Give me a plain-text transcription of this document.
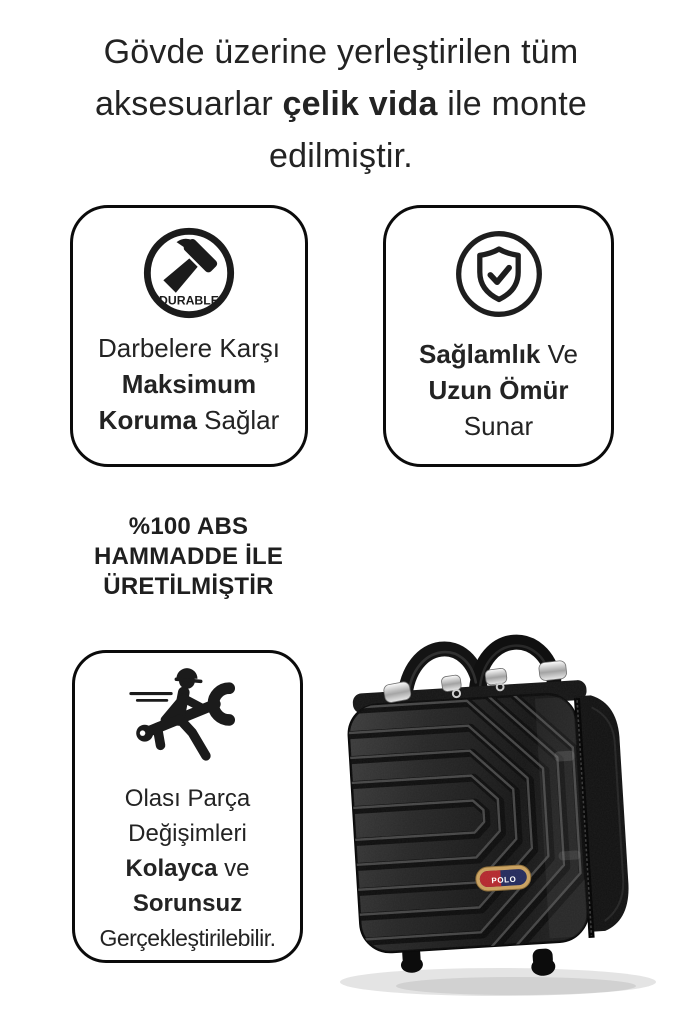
Gövde üzerine yerleştirilen tüm
aksesuarlar çelik vida ile monte
edilmiştir.
DURABLE
Darbelere Karşı
Maksimum
Koruma Sağlar
Sağlamlık Ve
Uzun Ömür
Sunar
%100 ABS
HAMMADDE İLE
ÜRETİLMİŞTİR
Olası Parça
Değişimleri
Kolayca ve
Sorunsuz
Gerçekleştirilebilir.
POLO
